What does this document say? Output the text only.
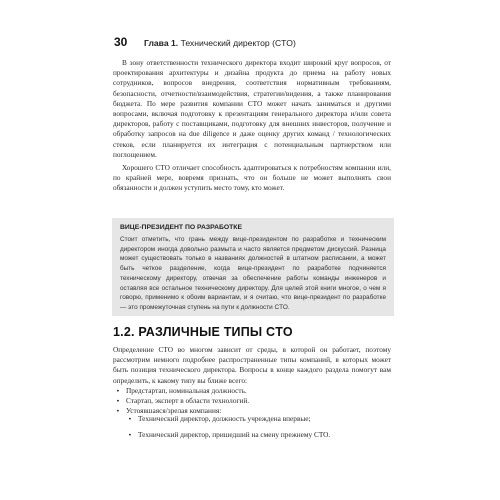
30	Глава 1. Технический директор (CTO)

В зону ответственности технического директора входит широкий круг вопросов, от проектирования архитектуры и дизайна продукта до приема на работу новых сотрудников, вопросов внедрения, соответствия нормативным требованиям, безопасности, отчетности/взаимодействия, стратегии/видения, а также планирования бюджета. По мере развития компании CTO может начать заниматься и другими вопросами, включая подготовку к презентациям генерального директора и/или совета директоров, работу с поставщиками, подготовку для внешних инвесторов, получение и обработку запросов на due diligence и даже оценку других команд / технологических стеков, если планируется их интеграция с потенциальным партнерством или поглощением.

Хорошего CTO отличает способность адаптироваться к потребностям компании или, по крайней мере, вовремя признать, что он больше не может выполнять свои обязанности и должен уступить место тому, кто может.

ВИЦЕ-ПРЕЗИДЕНТ ПО РАЗРАБОТКЕ

Стоит отметить, что грань между вице-президентом по разработке и техническим директором иногда довольно размыта и часто является предметом дискуссий. Разница может существовать только в названиях должностей в штатном расписании, а может быть четкое разделение, когда вице-президент по разработке подчиняется техническому директору, отвечая за обеспечение работы команды инженеров и оставляя все остальное техническому директору. Для целей этой книги многое, о чем я говорю, применимо к обоим вариантам, и я считаю, что вице-президент по разработке — это промежуточная ступень на пути к должности CTO.

1.2. РАЗЛИЧНЫЕ ТИПЫ CTO

Определение CTO во многом зависит от среды, в которой он работает, поэтому рассмотрим немного подробнее распространенные типы компаний, в которых может быть позиция технического директора. Вопросы в конце каждого раздела помогут вам определить, к какому типу вы ближе всего:

• Предстартап, номинальная должность.
• Стартап, эксперт в области технологий.
• Устоявшаяся/зрелая компания:
• Технический директор, должность учреждена впервые;
• Технический директор, пришедший на смену прежнему CTO.
